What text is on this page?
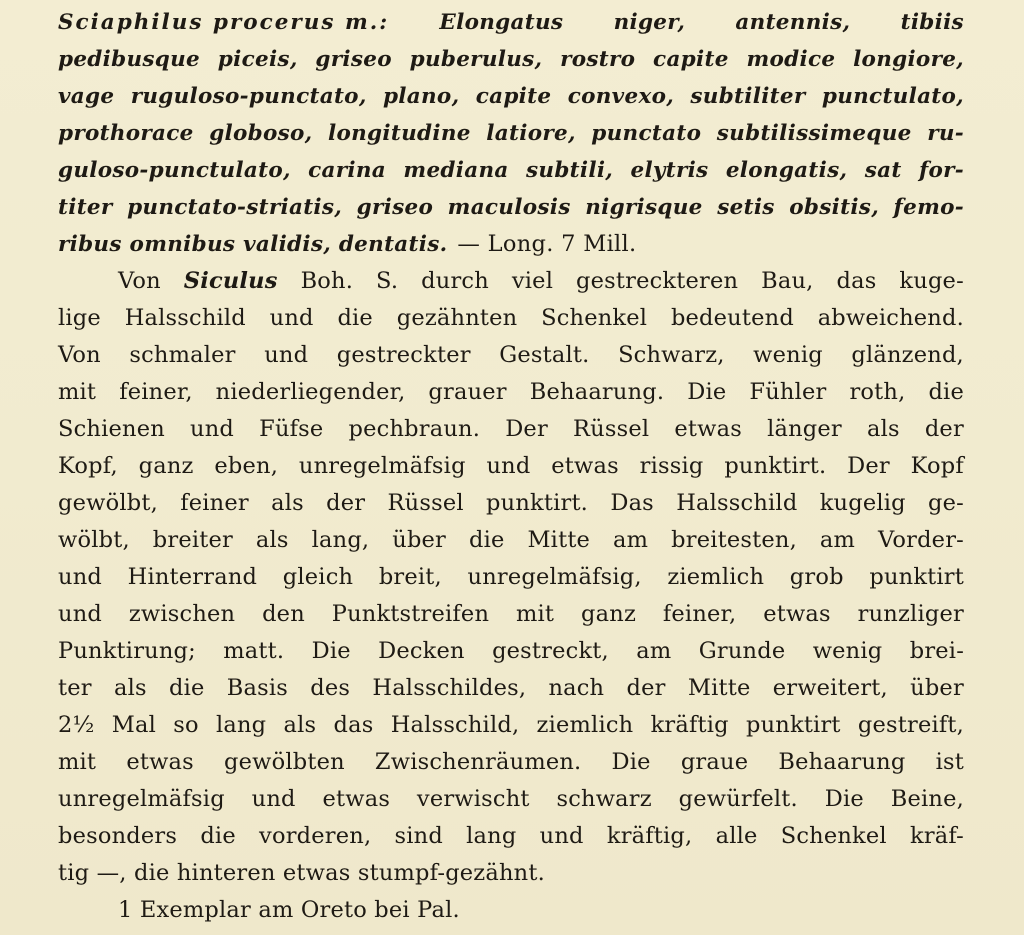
Sciaphilus procerus m.: Elongatus niger, antennis, tibiis
pedibusque piceis, griseo puberulus, rostro capite modice longiore,
vage ruguloso-punctato, plano, capite convexo, subtiliter punctulato,
prothorace globoso, longitudine latiore, punctato subtilissimeque ru-
guloso-punctulato, carina mediana subtili, elytris elongatis, sat for-
titer punctato-striatis, griseo maculosis nigrisque setis obsitis, femo-
ribus omnibus validis, dentatis. — Long. 7 Mill.
Von Siculus Boh. S. durch viel gestreckteren Bau, das kuge-
lige Halsschild und die gezähnten Schenkel bedeutend abweichend.
Von schmaler und gestreckter Gestalt. Schwarz, wenig glänzend,
mit feiner, niederliegender, grauer Behaarung. Die Fühler roth, die
Schienen und Füfse pechbraun. Der Rüssel etwas länger als der
Kopf, ganz eben, unregelmäfsig und etwas rissig punktirt. Der Kopf
gewölbt, feiner als der Rüssel punktirt. Das Halsschild kugelig ge-
wölbt, breiter als lang, über die Mitte am breitesten, am Vorder-
und Hinterrand gleich breit, unregelmäfsig, ziemlich grob punktirt
und zwischen den Punktstreifen mit ganz feiner, etwas runzliger
Punktirung; matt. Die Decken gestreckt, am Grunde wenig brei-
ter als die Basis des Halsschildes, nach der Mitte erweitert, über
2½ Mal so lang als das Halsschild, ziemlich kräftig punktirt gestreift,
mit etwas gewölbten Zwischenräumen. Die graue Behaarung ist
unregelmäfsig und etwas verwischt schwarz gewürfelt. Die Beine,
besonders die vorderen, sind lang und kräftig, alle Schenkel kräf-
tig —, die hinteren etwas stumpf-gezähnt.
1 Exemplar am Oreto bei Pal.
